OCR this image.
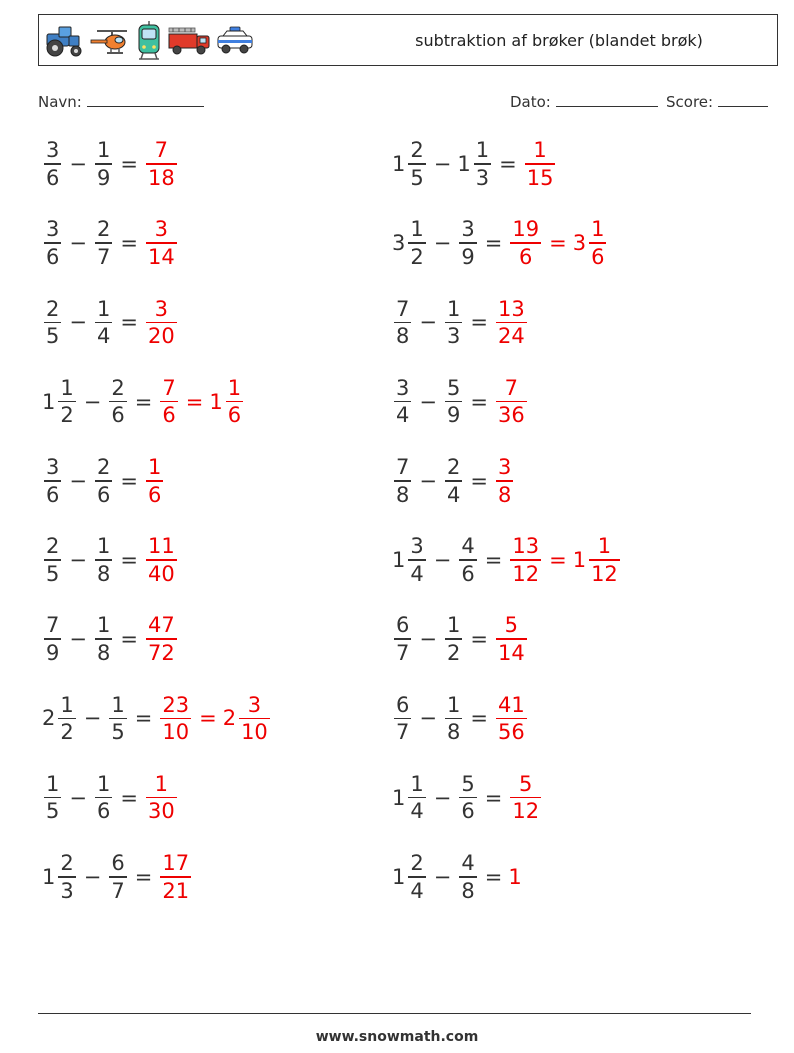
subtraktion af brøker (blandet brøk)
Navn:	Dato:	Score:
$\frac{3}{6} - \frac{1}{9} = \frac{7}{18}$	$1 \frac{2}{5} - 1 \frac{1}{3} = \frac{1}{15}$
$\frac{3}{6} - \frac{2}{7} = \frac{3}{14}$	$3 \frac{1}{2} - \frac{3}{9} = \frac{19}{6} = 3 \frac{1}{6}$
$\frac{2}{5} - \frac{1}{4} = \frac{3}{20}$	$\frac{7}{8} - \frac{1}{3} = \frac{13}{24}$
$1 \frac{1}{2} - \frac{2}{6} = \frac{7}{6} = 1 \frac{1}{6}$	$\frac{3}{4} - \frac{5}{9} = \frac{7}{36}$
$\frac{3}{6} - \frac{2}{6} = \frac{1}{6}$	$\frac{7}{8} - \frac{2}{4} = \frac{3}{8}$
$\frac{2}{5} - \frac{1}{8} = \frac{11}{40}$	$1 \frac{3}{4} - \frac{4}{6} = \frac{13}{12} = 1 \frac{1}{12}$
$\frac{7}{9} - \frac{1}{8} = \frac{47}{72}$	$\frac{6}{7} - \frac{1}{2} = \frac{5}{14}$
$2 \frac{1}{2} - \frac{1}{5} = \frac{23}{10} = 2 \frac{3}{10}$	$\frac{6}{7} - \frac{1}{8} = \frac{41}{56}$
$\frac{1}{5} - \frac{1}{6} = \frac{1}{30}$	$1 \frac{1}{4} - \frac{5}{6} = \frac{5}{12}$
$1 \frac{2}{3} - \frac{6}{7} = \frac{17}{21}$	$1 \frac{2}{4} - \frac{4}{8} = 1$
www.snowmath.com
